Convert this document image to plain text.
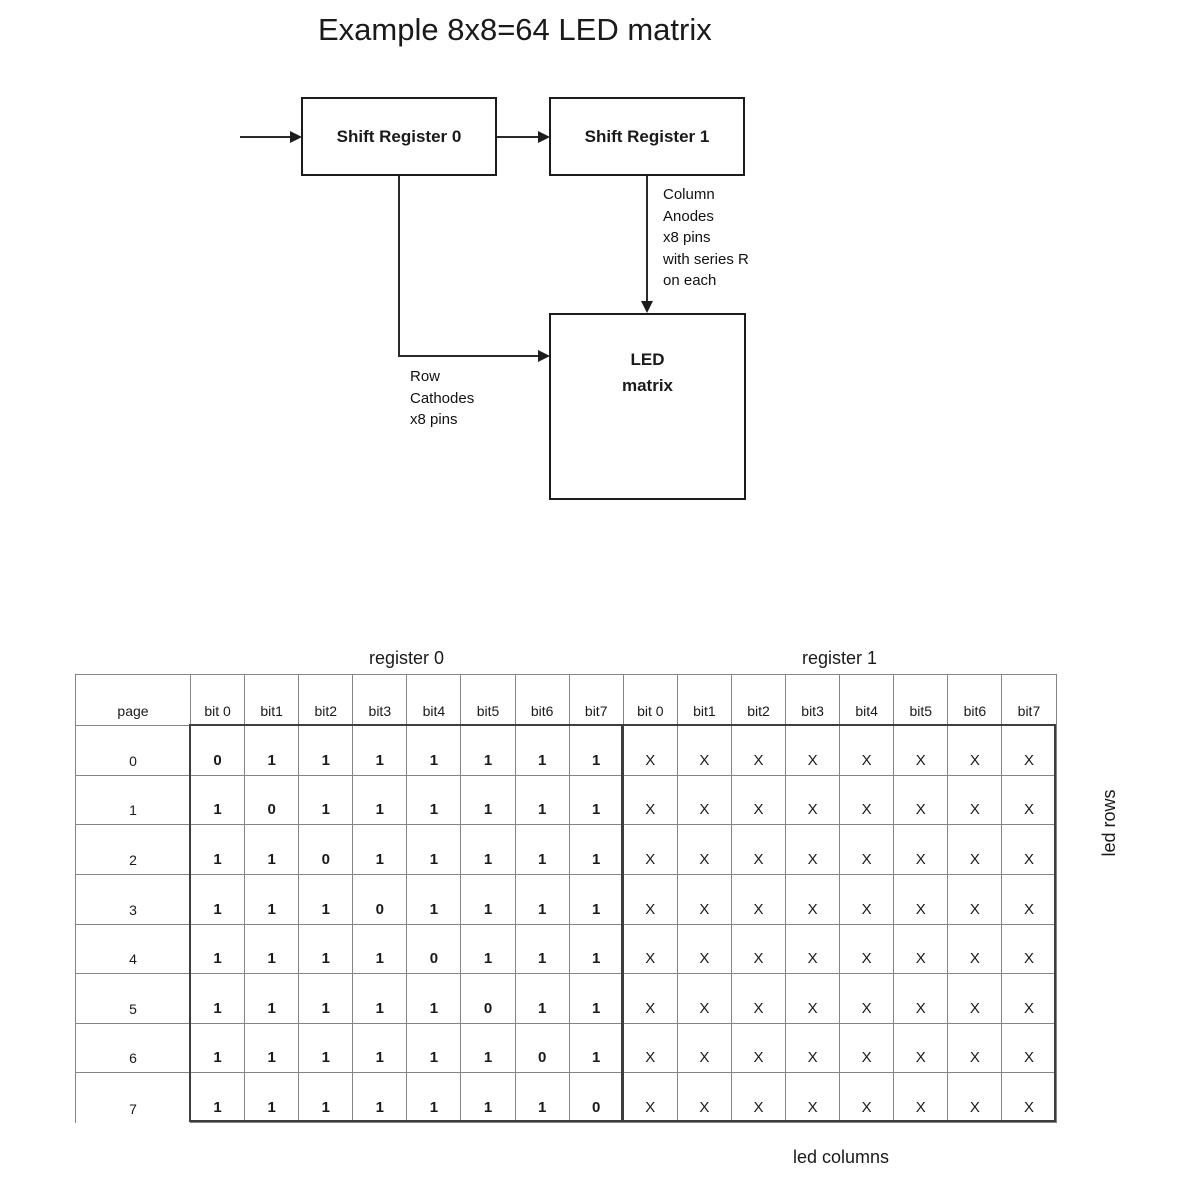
Example 8x8=64 LED matrix
Shift Register 0	Shift Register 1
Column
Anodes
x8 pins
with series R
on each
Row
Cathodes
x8 pins
LED
matrix
register 0	register 1
page	bit 0	bit1	bit2	bit3	bit4	bit5	bit6	bit7	bit 0	bit1	bit2	bit3	bit4	bit5	bit6	bit7
0	0	1	1	1	1	1	1	1	X	X	X	X	X	X	X	X
1	1	0	1	1	1	1	1	1	X	X	X	X	X	X	X	X
2	1	1	0	1	1	1	1	1	X	X	X	X	X	X	X	X
3	1	1	1	0	1	1	1	1	X	X	X	X	X	X	X	X
4	1	1	1	1	0	1	1	1	X	X	X	X	X	X	X	X
5	1	1	1	1	1	0	1	1	X	X	X	X	X	X	X	X
6	1	1	1	1	1	1	0	1	X	X	X	X	X	X	X	X
7	1	1	1	1	1	1	1	0	X	X	X	X	X	X	X	X
led rows
led columns
